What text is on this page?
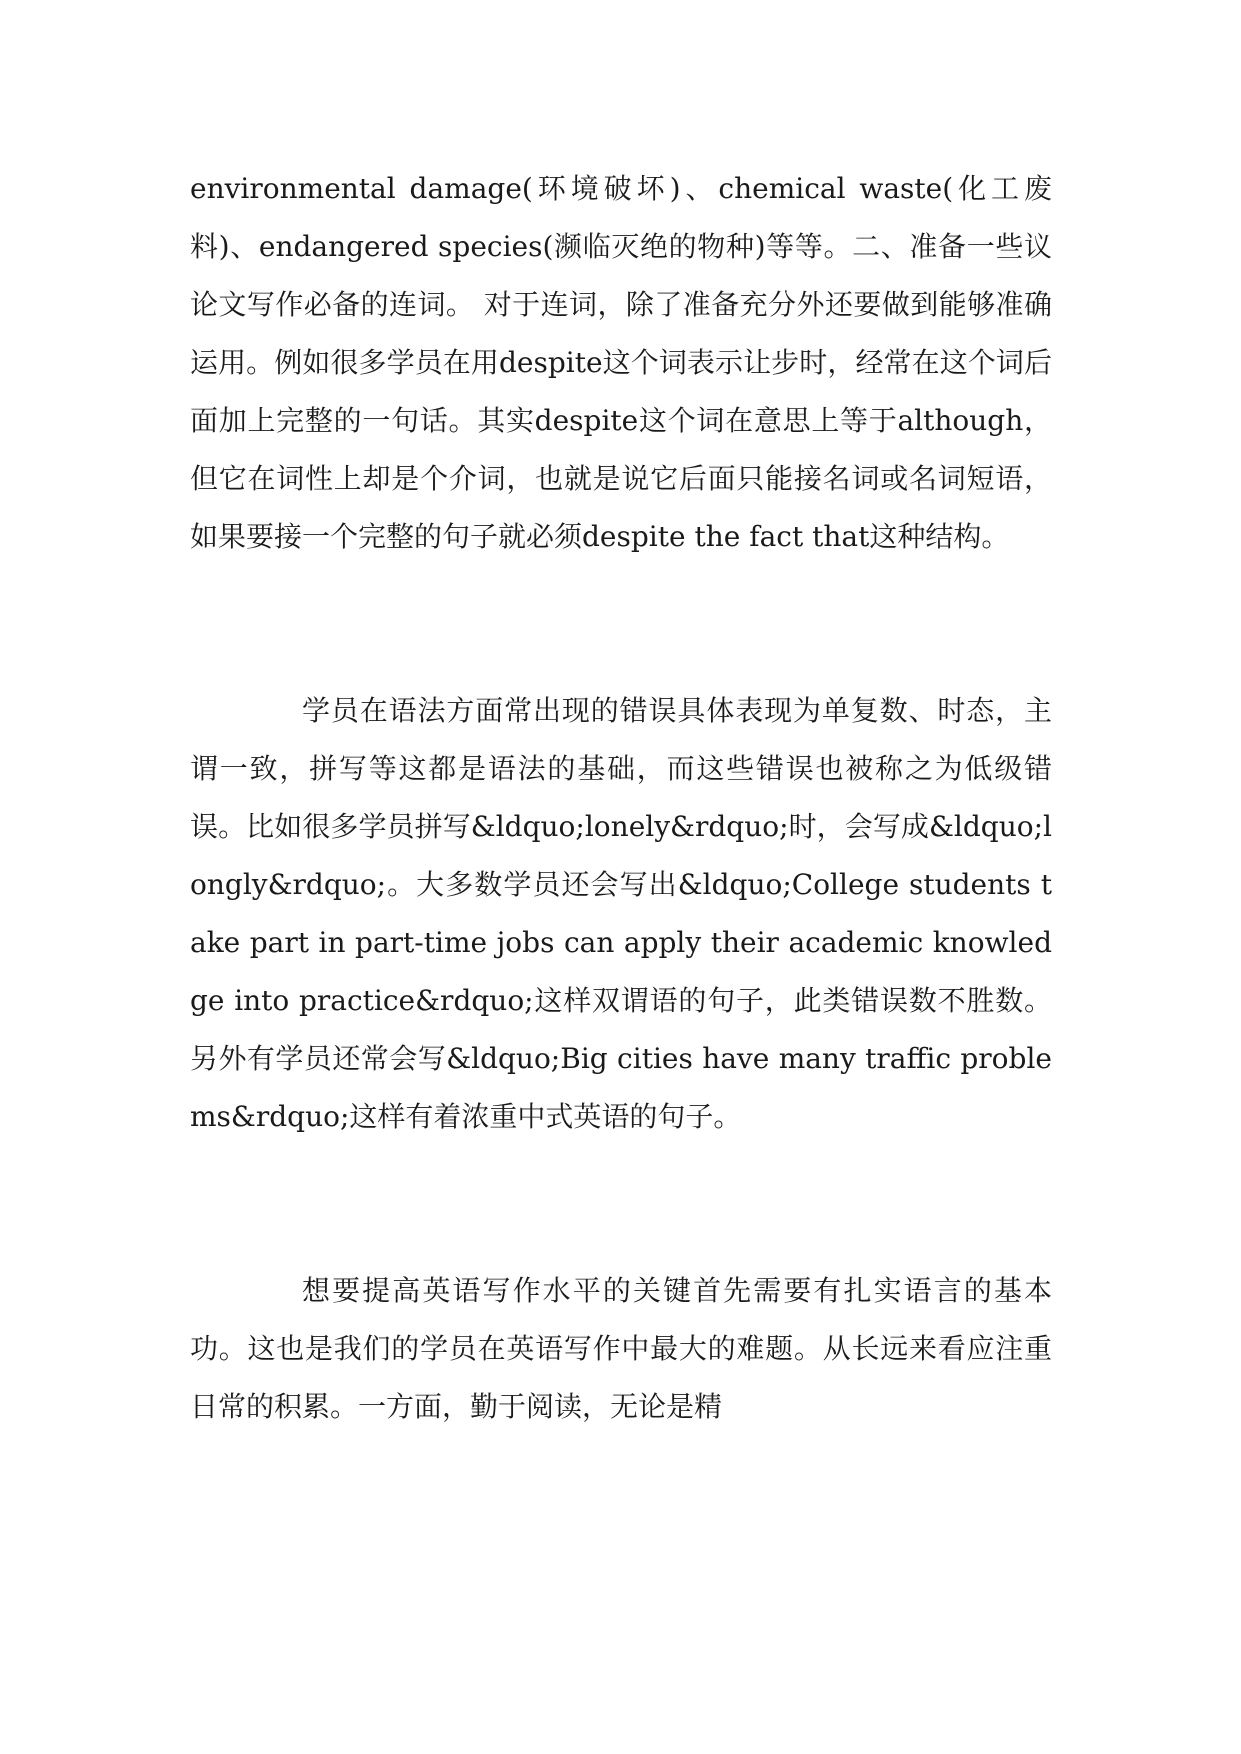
environmental damage(环境破坏)、chemical waste(化工废料)、endangered species(濒临灭绝的物种)等等。二、准备一些议论文写作必备的连词。 对于连词，除了准备充分外还要做到能够准确运用。例如很多学员在用despite这个词表示让步时，经常在这个词后面加上完整的一句话。其实despite这个词在意思上等于although，但它在词性上却是个介词，也就是说它后面只能接名词或名词短语，如果要接一个完整的句子就必须despite the fact that这种结构。

学员在语法方面常出现的错误具体表现为单复数、时态，主谓一致，拼写等这都是语法的基础，而这些错误也被称之为低级错误。比如很多学员拼写&ldquo;lonely&rdquo;时，会写成&ldquo;longly&rdquo;。大多数学员还会写出&ldquo;College students take part in part-time jobs can apply their academic knowledge into practice&rdquo;这样双谓语的句子，此类错误数不胜数。另外有学员还常会写&ldquo;Big cities have many traffic problems&rdquo;这样有着浓重中式英语的句子。

想要提高英语写作水平的关键首先需要有扎实语言的基本功。这也是我们的学员在英语写作中最大的难题。从长远来看应注重日常的积累。一方面，勤于阅读，无论是精
